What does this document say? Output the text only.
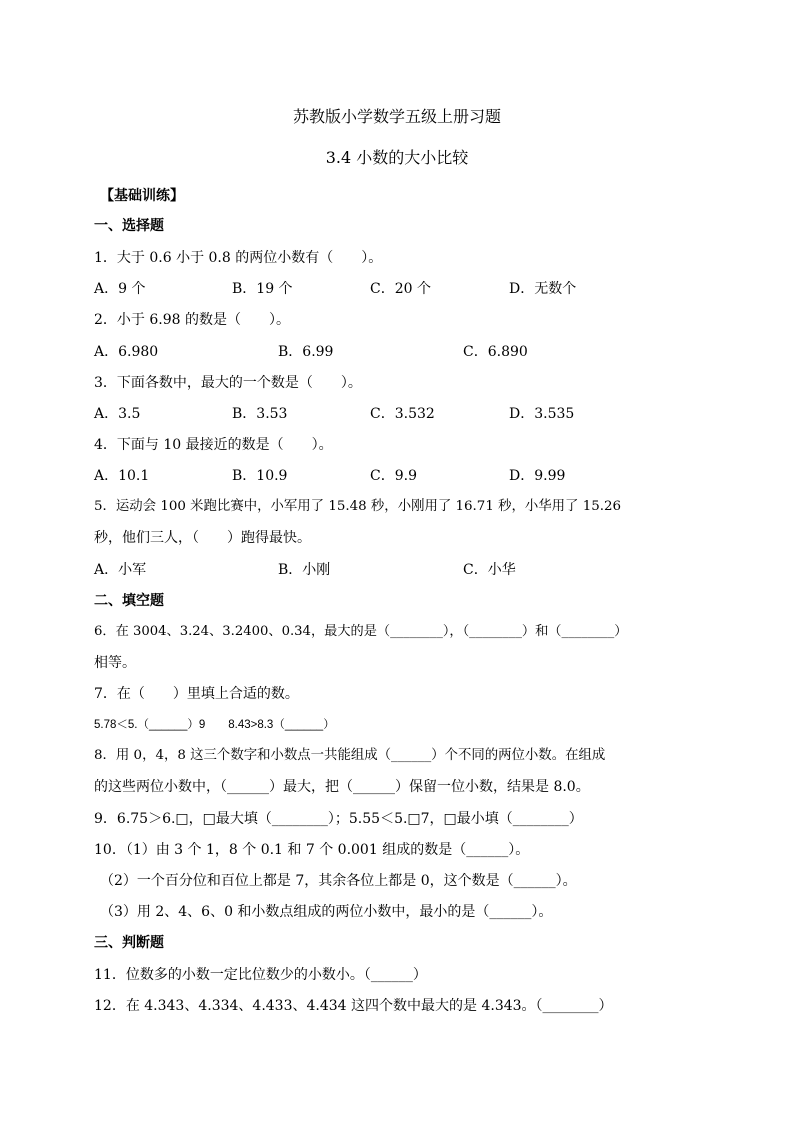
苏教版小学数学五级上册习题
3.4 小数的大小比较
【基础训练】
一、选择题
1．大于 0.6 小于 0.8 的两位小数有（　　）。
A．9 个	B．19 个	C．20 个	D．无数个
2．小于 6.98 的数是（　　）。
A．6.980	B．6.99	C．6.890
3．下面各数中，最大的一个数是（　　）。
A．3.5	B．3.53	C．3.532	D．3.535
4．下面与 10 最接近的数是（　　）。
A．10.1	B．10.9	C．9.9	D．9.99
5．运动会 100 米跑比赛中，小军用了 15.48 秒，小刚用了 16.71 秒，小华用了 15.26
秒，他们三人，（　　）跑得最快。
A．小军	B．小刚	C．小华
二、填空题
6．在 3004、3.24、3.2400、0.34，最大的是（________），（________）和（________）
相等。
7．在（　　）里填上合适的数。
5.78＜5.（______）9　　8.43>8.3（______）
8．用 0，4，8 这三个数字和小数点一共能组成（______）个不同的两位小数。在组成
的这些两位小数中，（______）最大，把（______）保留一位小数，结果是 8.0。
9．6.75＞6.□，□最大填（________）；5.55＜5.□7，□最小填（________）
10．（1）由 3 个 1，8 个 0.1 和 7 个 0.001 组成的数是（______）。
（2）一个百分位和百位上都是 7，其余各位上都是 0，这个数是（______）。
（3）用 2、4、6、0 和小数点组成的两位小数中，最小的是（______）。
三、判断题
11．位数多的小数一定比位数少的小数小。（______）
12．在 4.343、4.334、4.433、4.434 这四个数中最大的是 4.343。（________）
